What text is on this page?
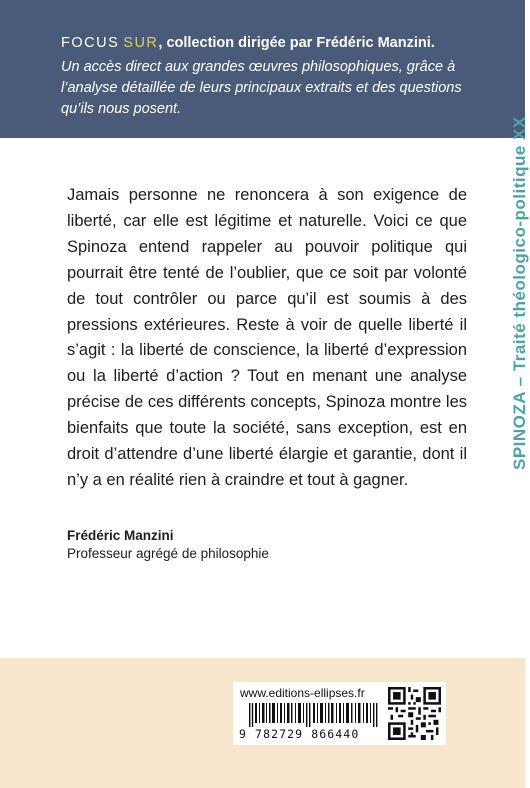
FOCUS SUR, collection dirigée par Frédéric Manzini.
Un accès direct aux grandes œuvres philosophiques, grâce à l’analyse détaillée de leurs principaux extraits et des questions qu’ils nous posent.
Jamais personne ne renoncera à son exigence de liberté, car elle est légitime et naturelle. Voici ce que Spinoza entend rappeler au pouvoir politique qui pourrait être tenté de l’oublier, que ce soit par volonté de tout contrôler ou parce qu’il est soumis à des pressions extérieures. Reste à voir de quelle liberté il s’agit : la liberté de conscience, la liberté d’expression ou la liberté d’action ? Tout en menant une analyse précise de ces différents concepts, Spinoza montre les bienfaits que toute la société, sans exception, est en droit d’attendre d’une liberté élargie et garantie, dont il n’y a en réalité rien à craindre et tout à gagner.
Frédéric Manzini
Professeur agrégé de philosophie
SPINOZA – Traité théologico-politique XX
www.editions-ellipses.fr
9 782729 866440
